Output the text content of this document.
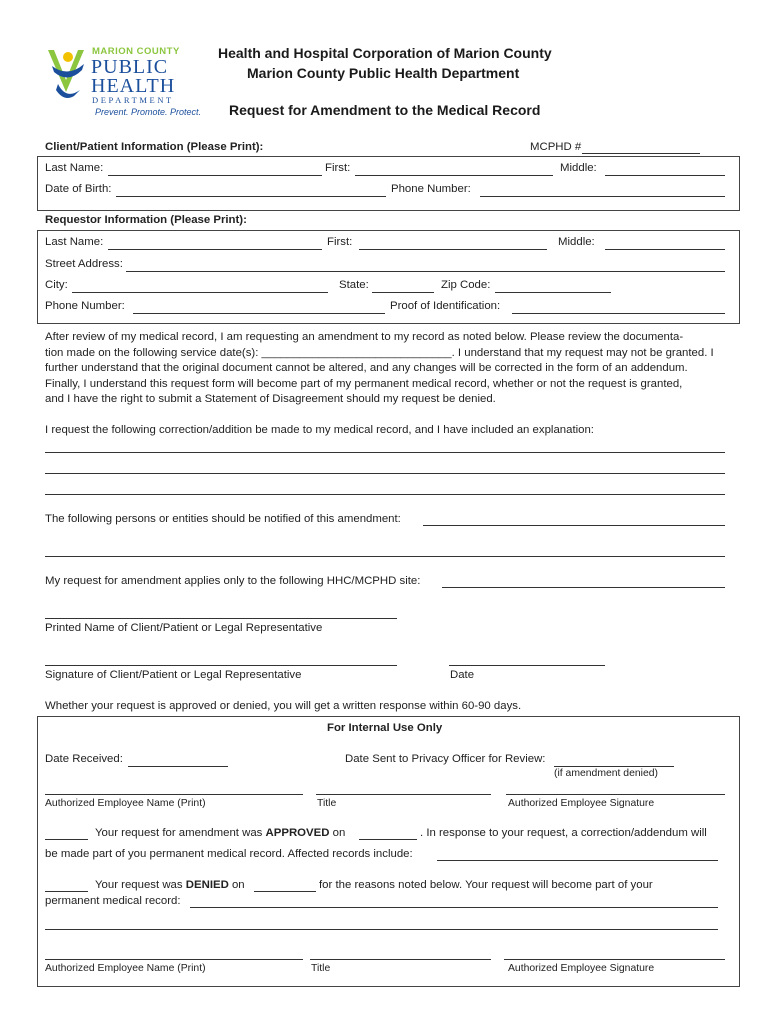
MARION COUNTY
PUBLIC
HEALTH
DEPARTMENT
Prevent. Promote. Protect.
Health and Hospital Corporation of Marion County
Marion County Public Health Department
Request for Amendment to the Medical Record
Client/Patient Information (Please Print):	MCPHD #
Last Name:	First:	Middle:
Date of Birth:	Phone Number:
Requestor Information (Please Print):
Last Name:	First:	Middle:
Street Address:
City:	State:	Zip Code:
Phone Number:	Proof of Identification:
After review of my medical record, I am requesting an amendment to my record as noted below. Please review the documenta-
tion made on the following service date(s): ______________________________. I understand that my request may not be granted. I
further understand that the original document cannot be altered, and any changes will be corrected in the form of an addendum.
Finally, I understand this request form will become part of my permanent medical record, whether or not the request is granted,
and I have the right to submit a Statement of Disagreement should my request be denied.
I request the following correction/addition be made to my medical record, and I have included an explanation:
The following persons or entities should be notified of this amendment:
My request for amendment applies only to the following HHC/MCPHD site:
Printed Name of Client/Patient or Legal Representative
Signature of Client/Patient or Legal Representative	Date
Whether your request is approved or denied, you will get a written response within 60-90 days.
For Internal Use Only
Date Received:	Date Sent to Privacy Officer for Review:
(if amendment denied)
Authorized Employee Name (Print)	Title	Authorized Employee Signature
Your request for amendment was APPROVED on	. In response to your request, a correction/addendum will
be made part of you permanent medical record. Affected records include:
Your request was DENIED on	for the reasons noted below. Your request will become part of your
permanent medical record:
Authorized Employee Name (Print)	Title	Authorized Employee Signature
